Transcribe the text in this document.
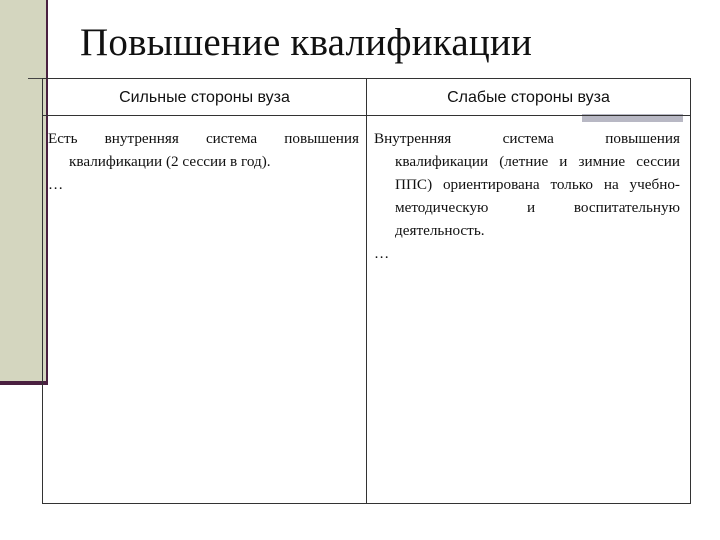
Повышение квалификации
Сильные стороны вуза	Слабые стороны вуза

Есть внутренняя система повышения квалификации (2 сессии в год).

…

Внутренняя система повышения квалификации (летние и зимние сессии ППС) ориентирована только на учебно-методическую и воспитательную деятельность.

…
